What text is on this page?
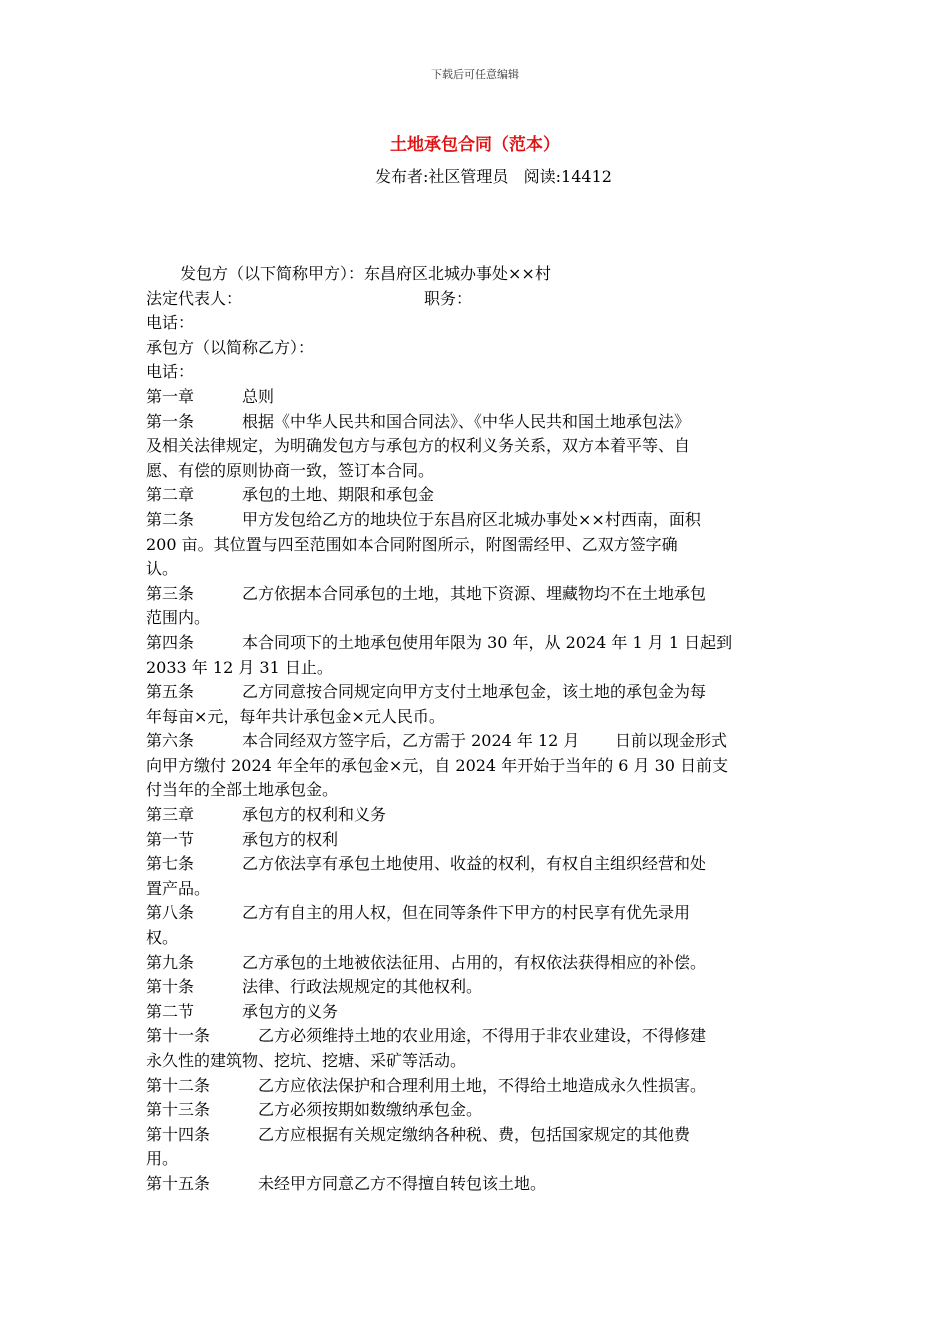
下载后可任意编辑
土地承包合同（范本）
发布者:社区管理员   阅读:14412
发包方（以下简称甲方）：东昌府区北城办事处××村
法定代表人：	职务：
电话：
承包方（以简称乙方）：
电话：
第一章	总则
第一条	根据《中华人民共和国合同法》、《中华人民共和国土地承包法》
及相关法律规定，为明确发包方与承包方的权利义务关系，双方本着平等、自
愿、有偿的原则协商一致，签订本合同。
第二章	承包的土地、期限和承包金
第二条	甲方发包给乙方的地块位于东昌府区北城办事处××村西南，面积
200 亩。其位置与四至范围如本合同附图所示，附图需经甲、乙双方签字确
认。
第三条	乙方依据本合同承包的土地，其地下资源、埋藏物均不在土地承包
范围内。
第四条	本合同项下的土地承包使用年限为 30 年，从 2024 年 1 月 1 日起到
2033 年 12 月 31 日止。
第五条	乙方同意按合同规定向甲方支付土地承包金，该土地的承包金为每
年每亩×元，每年共计承包金×元人民币。
第六条	本合同经双方签字后，乙方需于 2024 年 12 月       日前以现金形式
向甲方缴付 2024 年全年的承包金×元，自 2024 年开始于当年的 6 月 30 日前支
付当年的全部土地承包金。
第三章	承包方的权利和义务
第一节	承包方的权利
第七条	乙方依法享有承包土地使用、收益的权利，有权自主组织经营和处
置产品。
第八条	乙方有自主的用人权，但在同等条件下甲方的村民享有优先录用
权。
第九条	乙方承包的土地被依法征用、占用的，有权依法获得相应的补偿。
第十条	法律、行政法规规定的其他权利。
第二节	承包方的义务
第十一条	乙方必须维持土地的农业用途，不得用于非农业建设，不得修建
永久性的建筑物、挖坑、挖塘、采矿等活动。
第十二条	乙方应依法保护和合理利用土地，不得给土地造成永久性损害。
第十三条	乙方必须按期如数缴纳承包金。
第十四条	乙方应根据有关规定缴纳各种税、费，包括国家规定的其他费
用。
第十五条	未经甲方同意乙方不得擅自转包该土地。
